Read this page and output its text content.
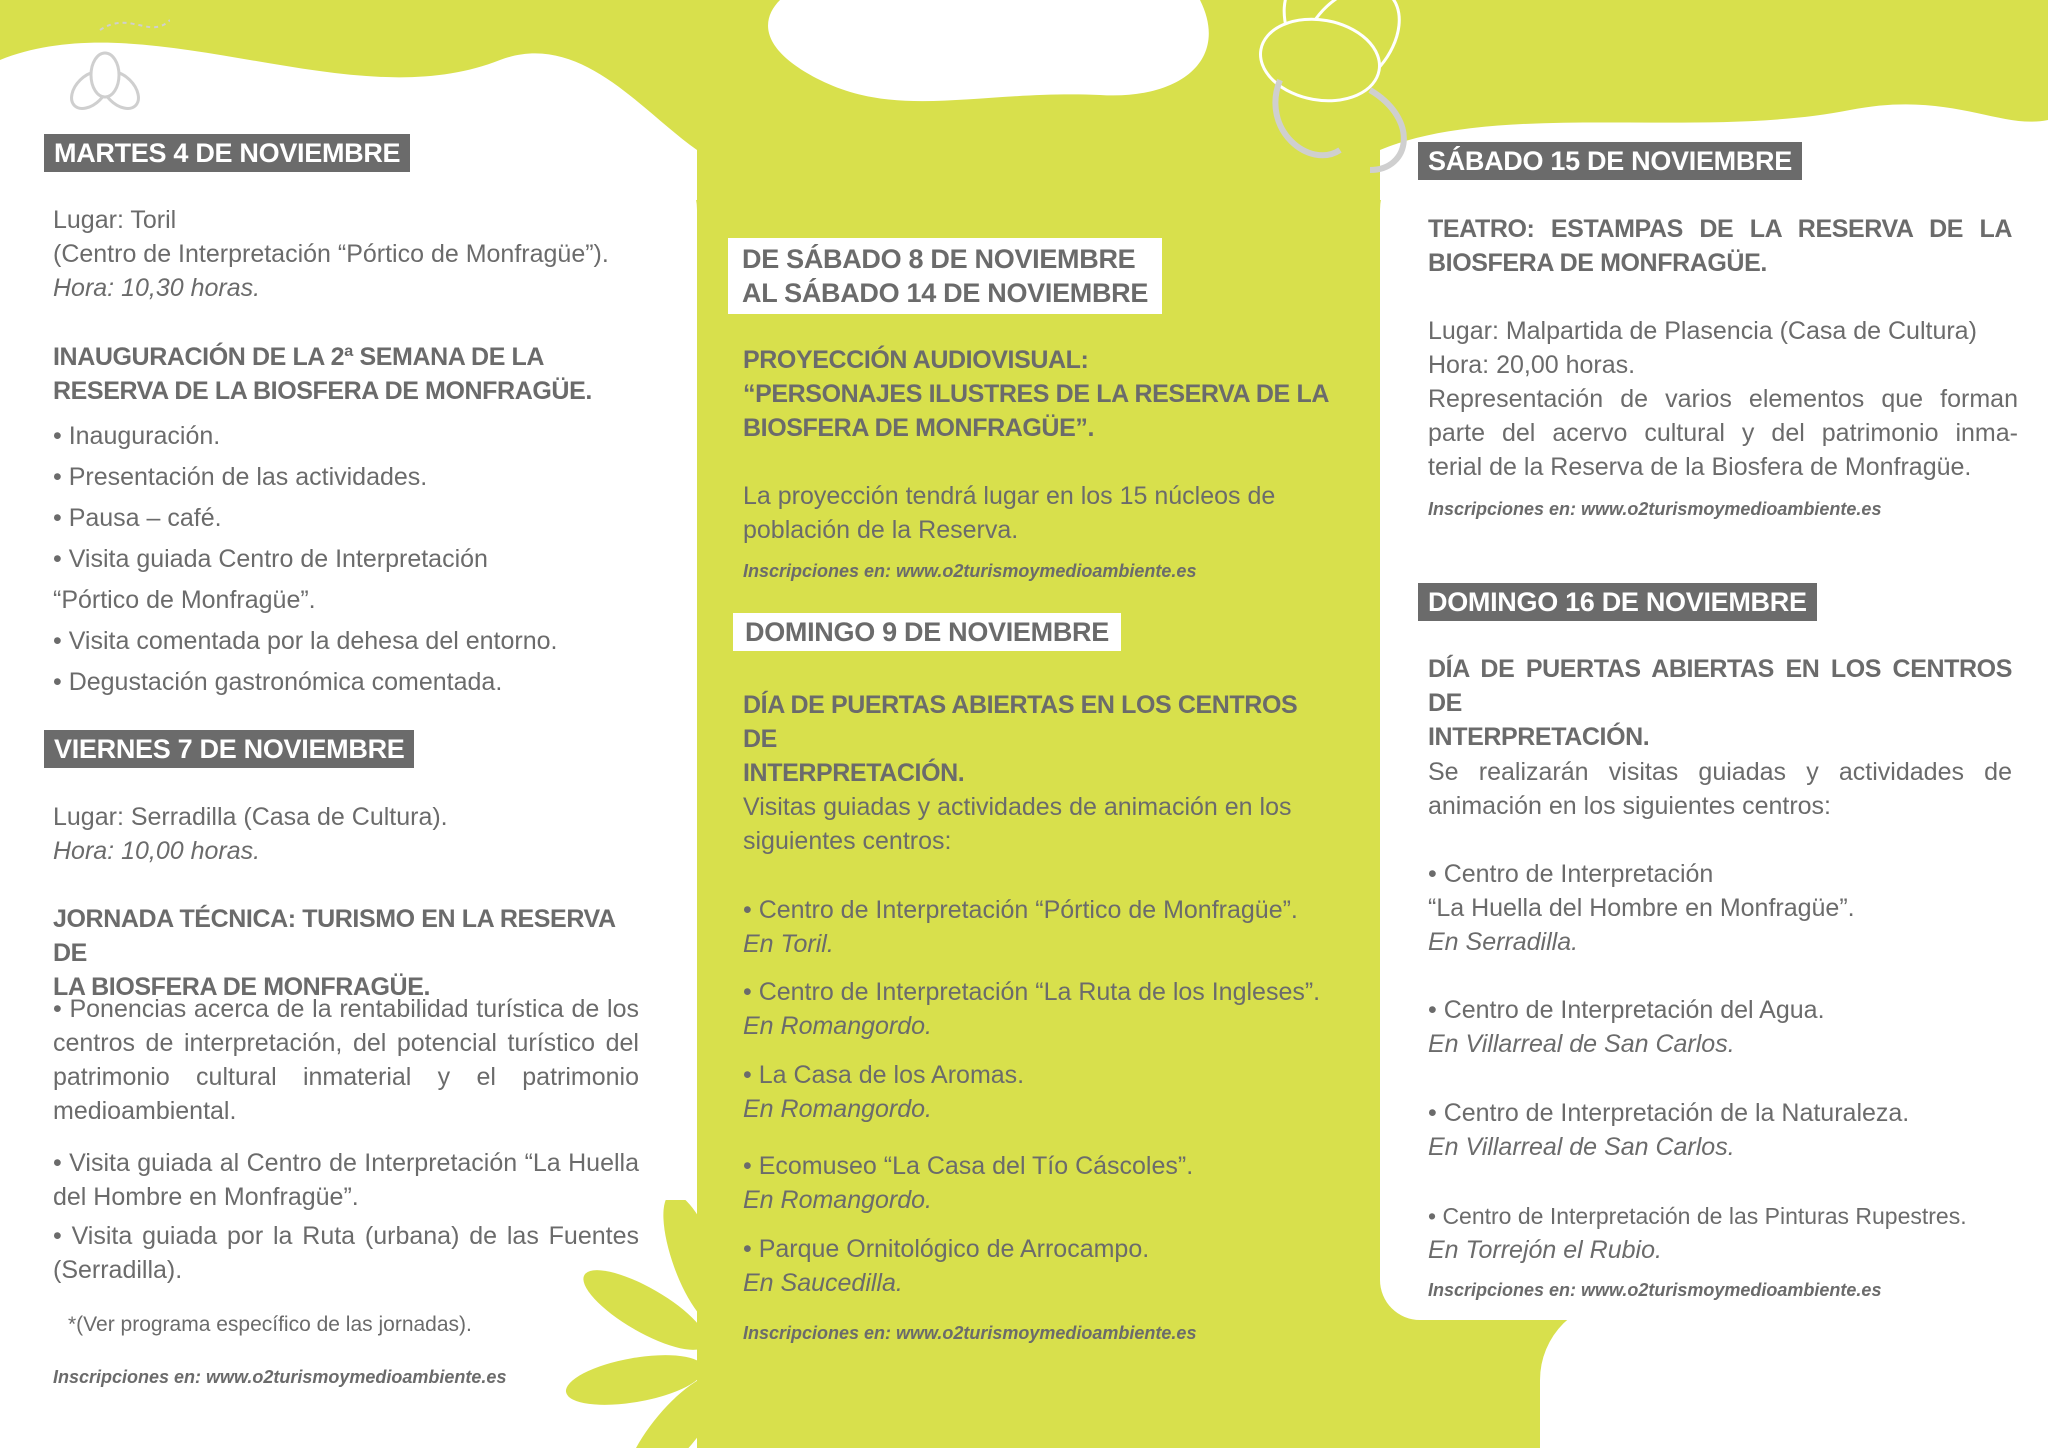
MARTES 4 DE NOVIEMBRE
Lugar: Toril
(Centro de Interpretación “Pórtico de Monfragüe”).
Hora: 10,30 horas.
INAUGURACIÓN DE LA 2ª SEMANA DE LA
RESERVA DE LA BIOSFERA DE MONFRAGÜE.
• Inauguración.
• Presentación de las actividades.
• Pausa – café.
• Visita guiada Centro de Interpretación
“Pórtico de Monfragüe”.
• Visita comentada por la dehesa del entorno.
• Degustación gastronómica comentada.
VIERNES 7 DE NOVIEMBRE
Lugar: Serradilla (Casa de Cultura).
Hora: 10,00 horas.
JORNADA TÉCNICA: TURISMO EN LA RESERVA DE
LA BIOSFERA DE MONFRAGÜE.
• Ponencias acerca de la rentabilidad turística de los
centros de interpretación, del potencial turístico del
patrimonio cultural inmaterial y el patrimonio
medioambiental.
• Visita guiada al Centro de Interpretación “La Huella
del Hombre en Monfragüe”.
• Visita guiada por la Ruta (urbana) de las Fuentes
(Serradilla).
*(Ver programa específico de las jornadas).
Inscripciones en: www.o2turismoymedioambiente.es
DE SÁBADO 8 DE NOVIEMBRE
AL SÁBADO 14 DE NOVIEMBRE
PROYECCIÓN AUDIOVISUAL:
“PERSONAJES ILUSTRES DE LA RESERVA DE LA
BIOSFERA DE MONFRAGÜE”.
La proyección tendrá lugar en los 15 núcleos de
población de la Reserva.
Inscripciones en: www.o2turismoymedioambiente.es
DOMINGO 9 DE NOVIEMBRE
DÍA DE PUERTAS ABIERTAS EN LOS CENTROS DE
INTERPRETACIÓN.
Visitas guiadas y actividades de animación en los
siguientes centros:
• Centro de Interpretación “Pórtico de Monfragüe”.
En Toril.
• Centro de Interpretación “La Ruta de los Ingleses”.
En Romangordo.
• La Casa de los Aromas.
En Romangordo.
• Ecomuseo “La Casa del Tío Cáscoles”.
En Romangordo.
• Parque Ornitológico de Arrocampo.
En Saucedilla.
Inscripciones en: www.o2turismoymedioambiente.es
SÁBADO 15 DE NOVIEMBRE
TEATRO: ESTAMPAS DE LA RESERVA DE LA
BIOSFERA DE MONFRAGÜE.
Lugar: Malpartida de Plasencia (Casa de Cultura)
Hora: 20,00 horas.
Representación de varios elementos que forman
parte del acervo cultural y del patrimonio inma-
terial de la Reserva de la Biosfera de Monfragüe.
Inscripciones en: www.o2turismoymedioambiente.es
DOMINGO 16 DE NOVIEMBRE
DÍA DE PUERTAS ABIERTAS EN LOS CENTROS DE
INTERPRETACIÓN.
Se realizarán visitas guiadas y actividades de
animación en los siguientes centros:
• Centro de Interpretación
“La Huella del Hombre en Monfragüe”.
En Serradilla.
• Centro de Interpretación del Agua.
En Villarreal de San Carlos.
• Centro de Interpretación de la Naturaleza.
En Villarreal de San Carlos.
• Centro de Interpretación de las Pinturas Rupestres.
En Torrejón el Rubio.
Inscripciones en: www.o2turismoymedioambiente.es
